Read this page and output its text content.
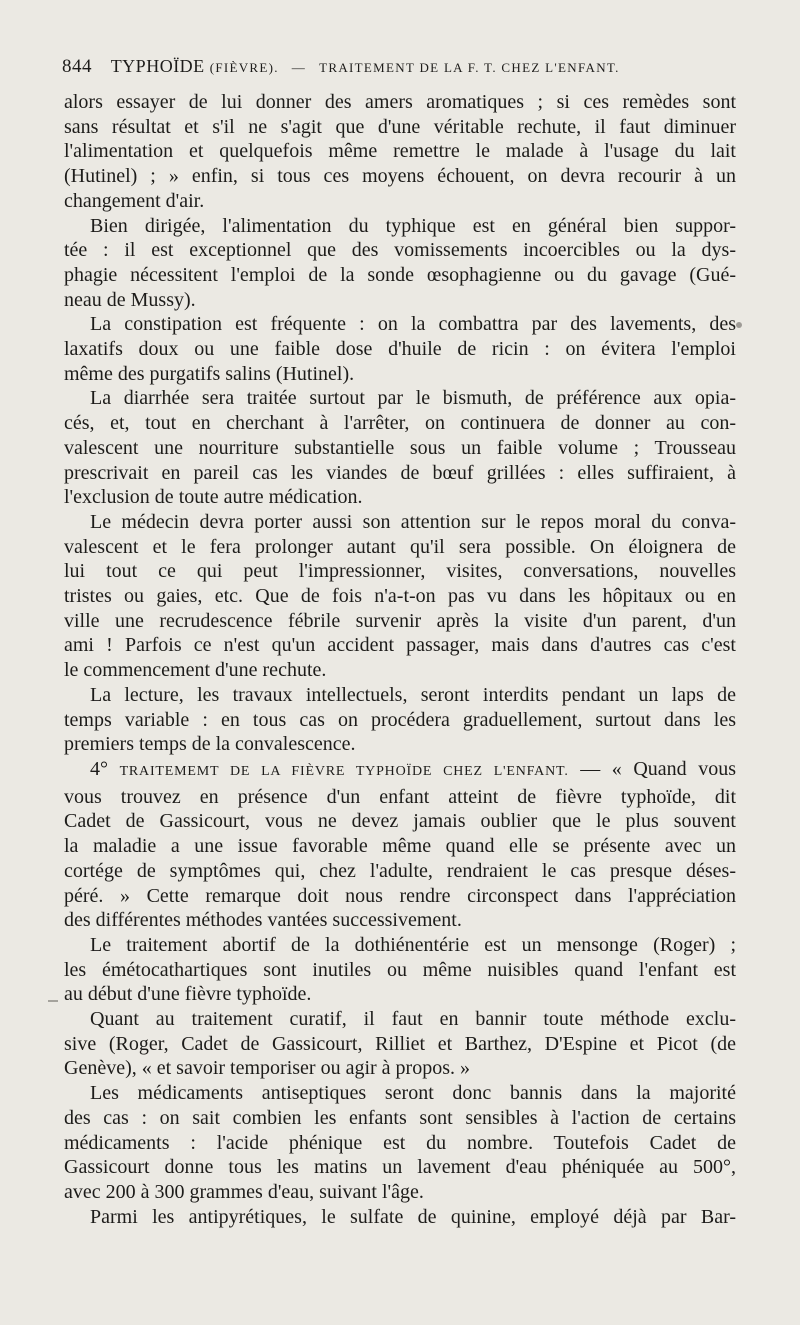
844 TYPHOÏDE (FIÈVRE). — TRAITEMENT DE LA F. T. CHEZ L'ENFANT.
alors essayer de lui donner des amers aromatiques ; si ces remèdes sont
sans résultat et s'il ne s'agit que d'une véritable rechute, il faut diminuer
l'alimentation et quelquefois même remettre le malade à l'usage du lait
(Hutinel) ; » enfin, si tous ces moyens échouent, on devra recourir à un
changement d'air.
Bien dirigée, l'alimentation du typhique est en général bien suppor-
tée : il est exceptionnel que des vomissements incoercibles ou la dys-
phagie nécessitent l'emploi de la sonde œsophagienne ou du gavage (Gué-
neau de Mussy).
La constipation est fréquente : on la combattra par des lavements, des
laxatifs doux ou une faible dose d'huile de ricin : on évitera l'emploi
même des purgatifs salins (Hutinel).
La diarrhée sera traitée surtout par le bismuth, de préférence aux opia-
cés, et, tout en cherchant à l'arrêter, on continuera de donner au con-
valescent une nourriture substantielle sous un faible volume ; Trousseau
prescrivait en pareil cas les viandes de bœuf grillées : elles suffiraient, à
l'exclusion de toute autre médication.
Le médecin devra porter aussi son attention sur le repos moral du conva-
valescent et le fera prolonger autant qu'il sera possible. On éloignera de
lui tout ce qui peut l'impressionner, visites, conversations, nouvelles
tristes ou gaies, etc. Que de fois n'a-t-on pas vu dans les hôpitaux ou en
ville une recrudescence fébrile survenir après la visite d'un parent, d'un
ami ! Parfois ce n'est qu'un accident passager, mais dans d'autres cas c'est
le commencement d'une rechute.
La lecture, les travaux intellectuels, seront interdits pendant un laps de
temps variable : en tous cas on procédera graduellement, surtout dans les
premiers temps de la convalescence.
4° TRAITEMEMT DE LA FIÈVRE TYPHOÏDE CHEZ L'ENFANT. — « Quand vous
vous trouvez en présence d'un enfant atteint de fièvre typhoïde, dit
Cadet de Gassicourt, vous ne devez jamais oublier que le plus souvent
la maladie a une issue favorable même quand elle se présente avec un
cortége de symptômes qui, chez l'adulte, rendraient le cas presque déses-
péré. » Cette remarque doit nous rendre circonspect dans l'appréciation
des différentes méthodes vantées successivement.
Le traitement abortif de la dothiénentérie est un mensonge (Roger) ;
les émétocathartiques sont inutiles ou même nuisibles quand l'enfant est
au début d'une fièvre typhoïde.
Quant au traitement curatif, il faut en bannir toute méthode exclu-
sive (Roger, Cadet de Gassicourt, Rilliet et Barthez, D'Espine et Picot (de
Genève), « et savoir temporiser ou agir à propos. »
Les médicaments antiseptiques seront donc bannis dans la majorité
des cas : on sait combien les enfants sont sensibles à l'action de certains
médicaments : l'acide phénique est du nombre. Toutefois Cadet de
Gassicourt donne tous les matins un lavement d'eau phéniquée au 500°,
avec 200 à 300 grammes d'eau, suivant l'âge.
Parmi les antipyrétiques, le sulfate de quinine, employé déjà par Bar-
